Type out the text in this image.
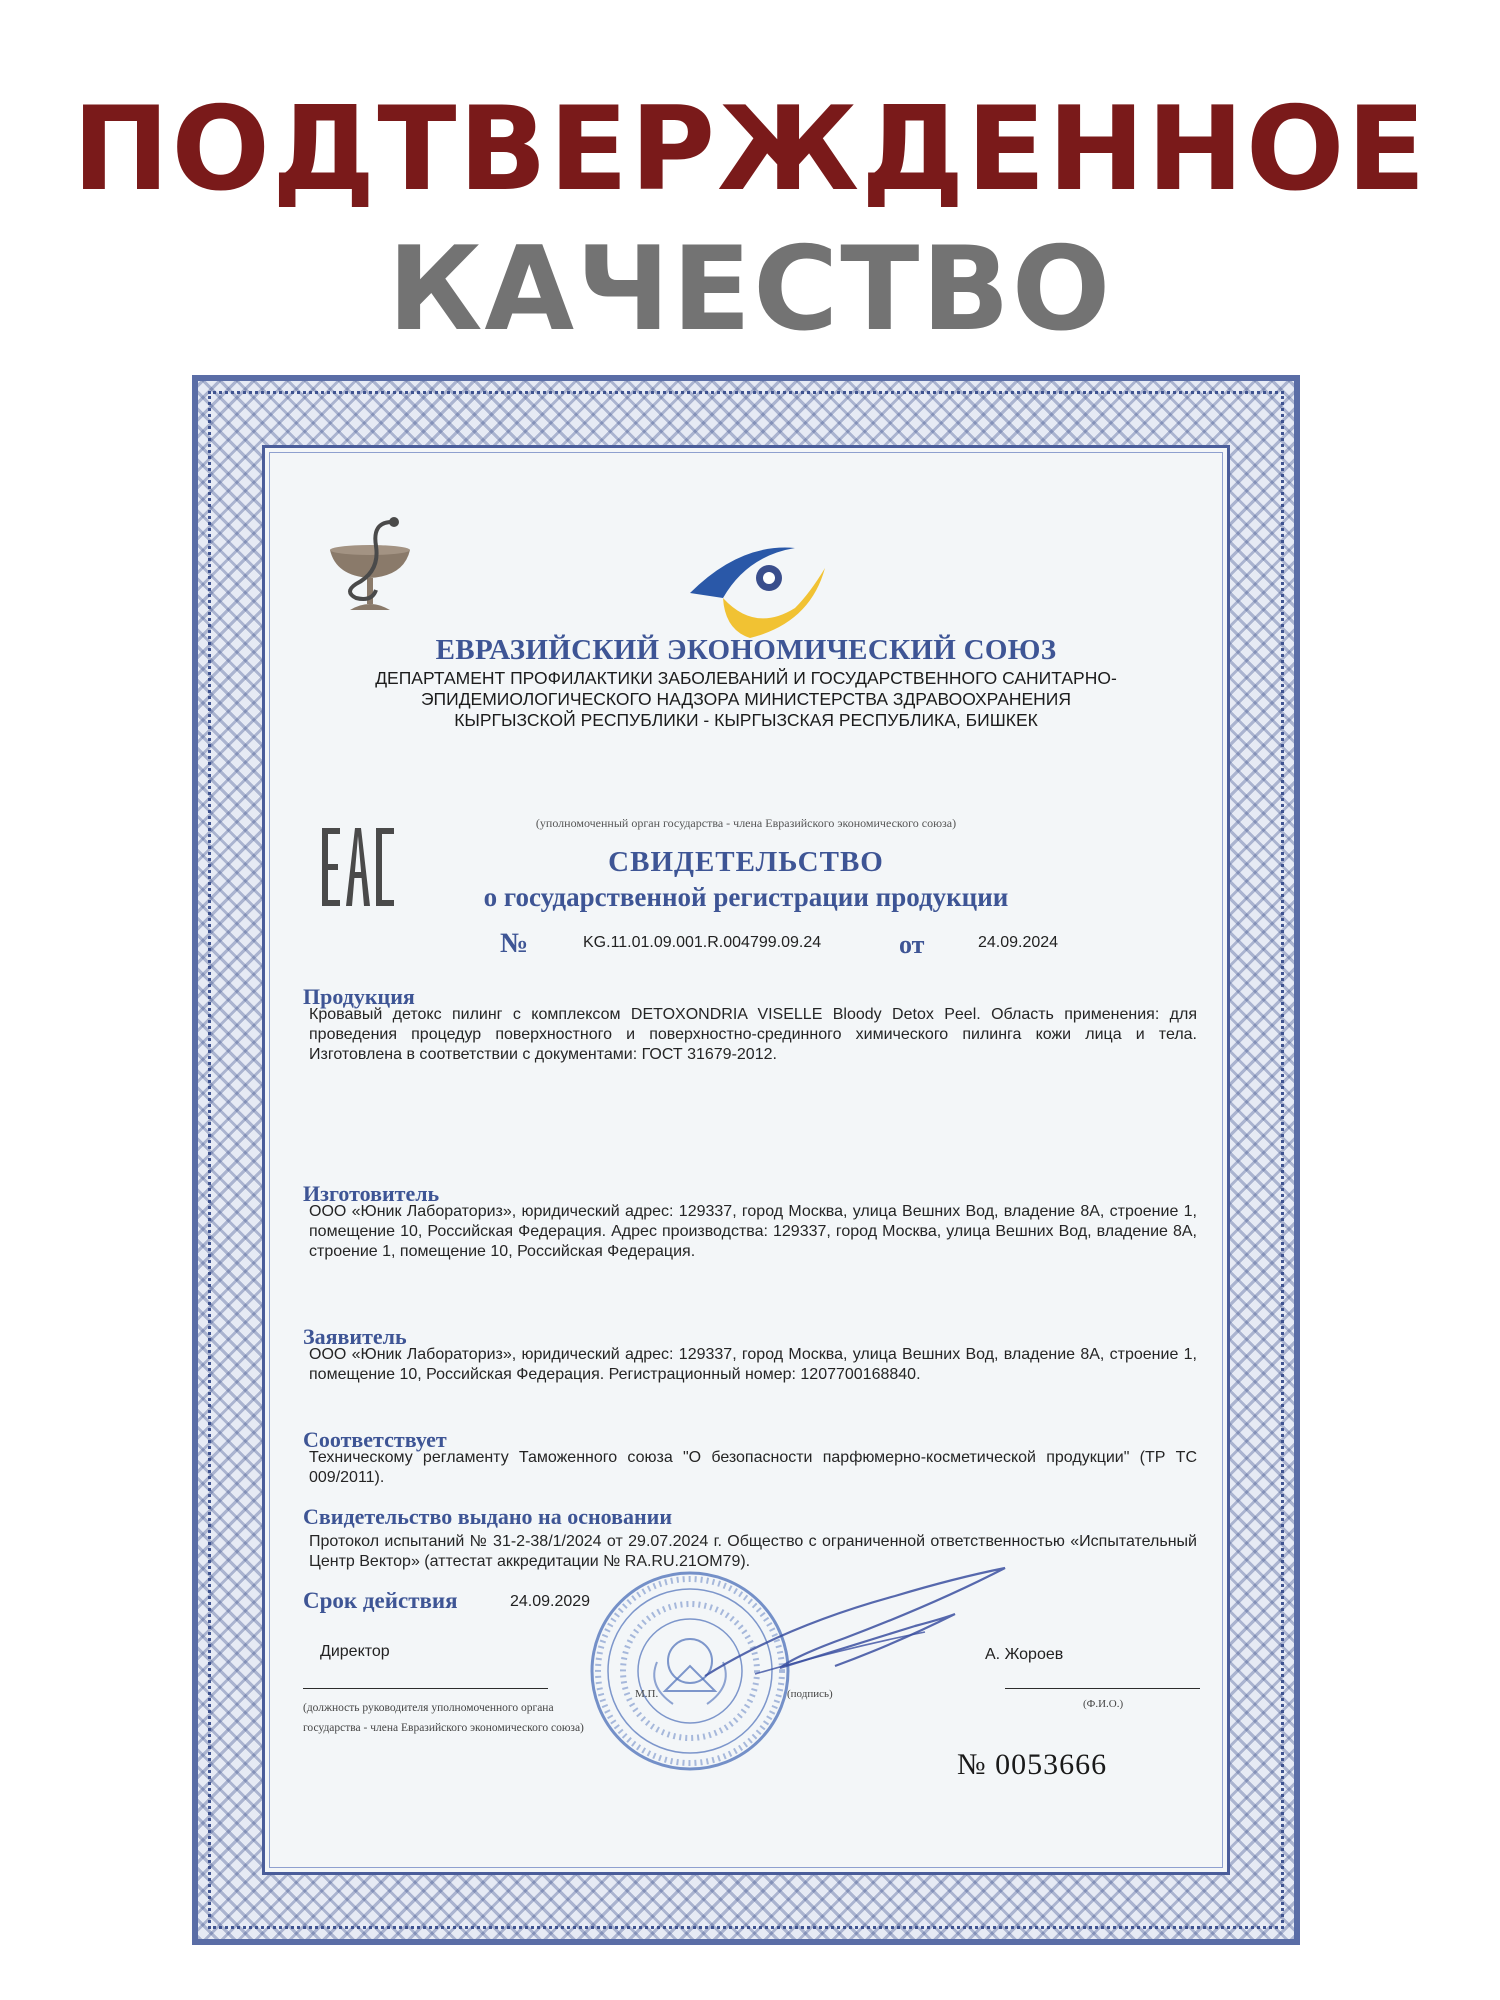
ПОДТВЕРЖДЕННОЕ
КАЧЕСТВО
ЕВРАЗИЙСКИЙ ЭКОНОМИЧЕСКИЙ СОЮЗ
ДЕПАРТАМЕНТ ПРОФИЛАКТИКИ ЗАБОЛЕВАНИЙ И ГОСУДАРСТВЕННОГО САНИТАРНО-ЭПИДЕМИОЛОГИЧЕСКОГО НАДЗОРА МИНИСТЕРСТВА ЗДРАВООХРАНЕНИЯ КЫРГЫЗСКОЙ РЕСПУБЛИКИ - КЫРГЫЗСКАЯ РЕСПУБЛИКА, БИШКЕК
(уполномоченный орган государства - члена Евразийского экономического союза)
СВИДЕТЕЛЬСТВО
о государственной регистрации продукции
№	KG.11.01.09.001.R.004799.09.24	от	24.09.2024
Продукция
Кровавый детокс пилинг с комплексом DETOXONDRIA VISELLE Bloody Detox Peel. Область применения: для проведения процедур поверхностного и поверхностно-срединного химического пилинга кожи лица и тела. Изготовлена в соответствии с документами: ГОСТ 31679-2012.
Изготовитель
ООО «Юник Лабораториз», юридический адрес: 129337, город Москва, улица Вешних Вод, владение 8А, строение 1, помещение 10, Российская Федерация. Адрес производства: 129337, город Москва, улица Вешних Вод, владение 8А, строение 1, помещение 10, Российская Федерация.
Заявитель
ООО «Юник Лабораториз», юридический адрес: 129337, город Москва, улица Вешних Вод, владение 8А, строение 1, помещение 10, Российская Федерация. Регистрационный номер: 1207700168840.
Соответствует
Техническому регламенту Таможенного союза "О безопасности парфюмерно-косметической продукции" (ТР ТС 009/2011).
Свидетельство выдано на основании
Протокол испытаний № 31-2-38/1/2024 от 29.07.2024 г. Общество с ограниченной ответственностью «Испытательный Центр Вектор» (аттестат аккредитации № RA.RU.21ОМ79).
Срок действия	24.09.2029
Директор	А. Жороев
(должность руководителя уполномоченного органа государства - члена Евразийского экономического союза)
М.П.	(подпись)
(Ф.И.О.)
№ 0053666
